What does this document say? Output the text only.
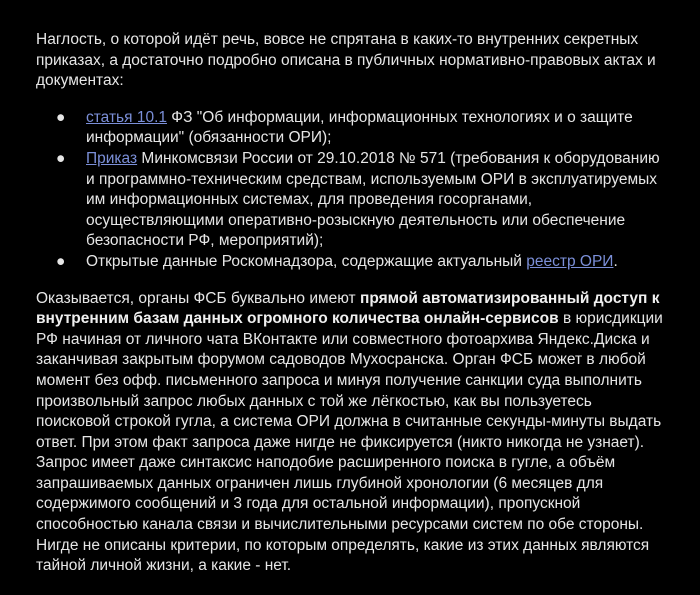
Наглость, о которой идёт речь, вовсе не спрятана в каких-то внутренних секретных приказах, а достаточно подробно описана в публичных нормативно-правовых актах и документах:

● статья 10.1 ФЗ "Об информации, информационных технологиях и о защите информации" (обязанности ОРИ);
● Приказ Минкомсвязи России от 29.10.2018 № 571 (требования к оборудованию и программно-техническим средствам, используемым ОРИ в эксплуатируемых им информационных системах, для проведения госорганами, осуществляющими оперативно-розыскную деятельность или обеспечение безопасности РФ, мероприятий);
● Открытые данные Роскомнадзора, содержащие актуальный реестр ОРИ.

Оказывается, органы ФСБ буквально имеют прямой автоматизированный доступ к внутренним базам данных огромного количества онлайн-сервисов в юрисдикции РФ начиная от личного чата ВКонтакте или совместного фотоархива Яндекс.Диска и заканчивая закрытым форумом садоводов Мухосранска. Орган ФСБ может в любой момент без офф. письменного запроса и минуя получение санкции суда выполнить произвольный запрос любых данных с той же лёгкостью, как вы пользуетесь поисковой строкой гугла, а система ОРИ должна в считанные секунды-минуты выдать ответ. При этом факт запроса даже нигде не фиксируется (никто никогда не узнает). Запрос имеет даже синтаксис наподобие расширенного поиска в гугле, а объём запрашиваемых данных ограничен лишь глубиной хронологии (6 месяцев для содержимого сообщений и 3 года для остальной информации), пропускной способностью канала связи и вычислительными ресурсами систем по обе стороны. Нигде не описаны критерии, по которым определять, какие из этих данных являются тайной личной жизни, а какие - нет.
